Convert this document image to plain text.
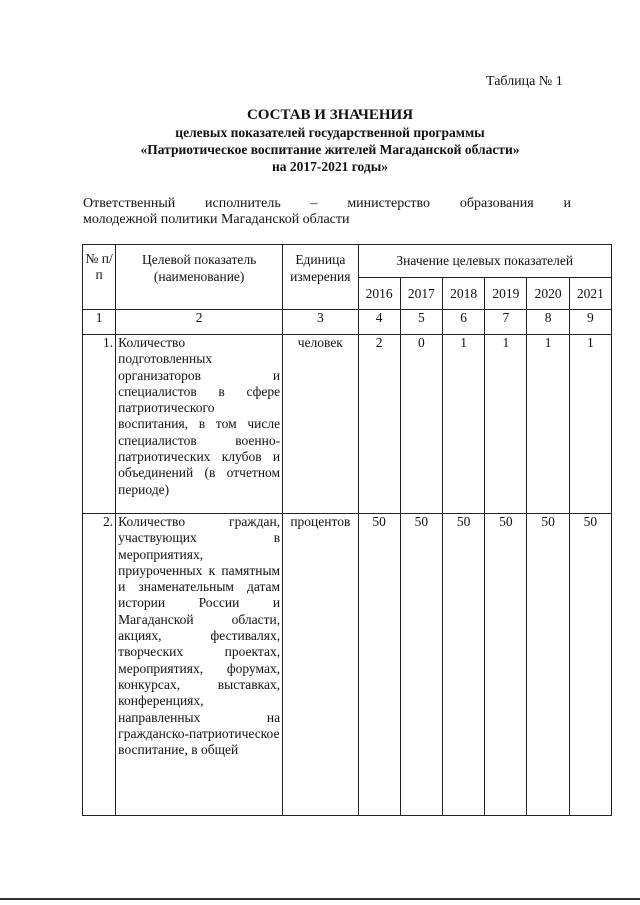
Таблица № 1
СОСТАВ И ЗНАЧЕНИЯ
целевых показателей государственной программы
«Патриотическое воспитание жителей Магаданской области»
на 2017-2021 годы»
Ответственный исполнитель – министерство образования и
молодежной политики Магаданской области
№ п/п	Целевой показатель (наименование)	Единица измерения	Значение целевых показателей					
			2016	2017	2018	2019	2020	2021
1	2	3	4	5	6	7	8	9
1.	Количество подготовленных организаторов и специалистов в сфере патриотического воспитания, в том числе специалистов военно-патриотических клубов и объединений (в отчетном периоде)	человек	2	0	1	1	1	1
2.	Количество граждан, участвующих в мероприятиях, приуроченных к памятным и знаменательным датам истории России и Магаданской области, акциях, фестивалях, творческих проектах, мероприятиях, форумах, конкурсах, выставках, конференциях, направленных на гражданско-патриотическое воспитание, в общей	процентов	50	50	50	50	50	50
